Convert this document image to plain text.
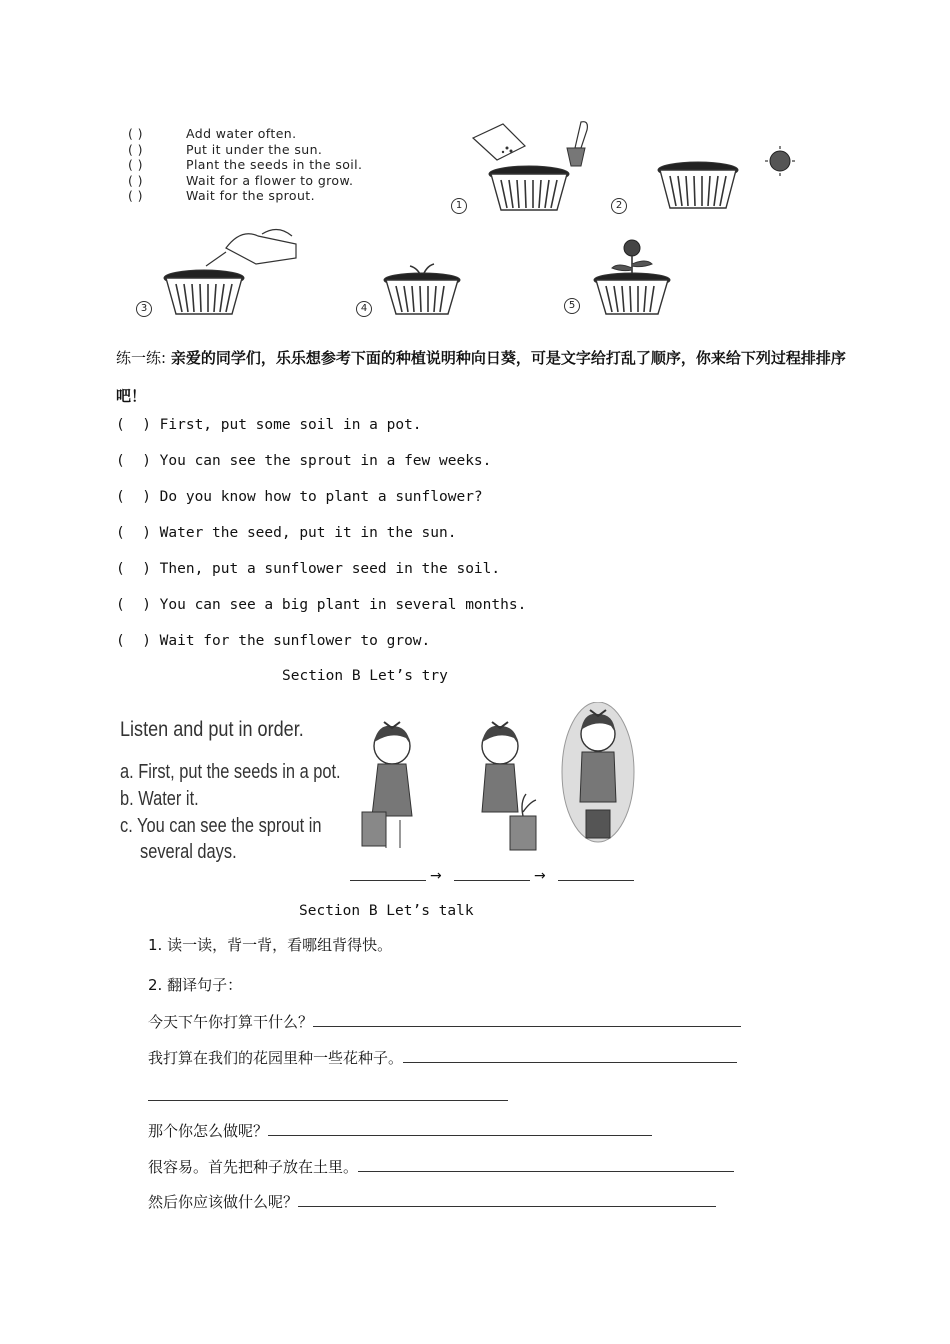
( )	Add water often.
( )	Put it under the sun.
( )	Plant the seeds in the soil.
( )	Wait for a flower to grow.
( )	Wait for the sprout.
1	2
3	4	5
练一练: 亲爱的同学们，乐乐想参考下面的种植说明种向日葵，可是文字给打乱了顺序，你来给下列过程排排序吧！
(  ) First, put some soil in a pot.
(  ) You can see the sprout in a few weeks.
(  ) Do you know how to plant a sunflower?
(  ) Water the seed, put it in the sun.
(  ) Then, put a sunflower seed in the soil.
(  ) You can see a big plant in several months.
(  ) Wait for the sunflower to grow.
Section B Let’s try
Listen and put in order.
a. First, put the seeds in a pot.
b. Water it.
c. You can see the sprout in
several days.
→	→
Section B Let’s talk
1. 读一读，背一背，看哪组背得快。
2. 翻译句子：
今天下午你打算干什么？
我打算在我们的花园里种一些花种子。
那个你怎么做呢？
很容易。首先把种子放在土里。
然后你应该做什么呢？
